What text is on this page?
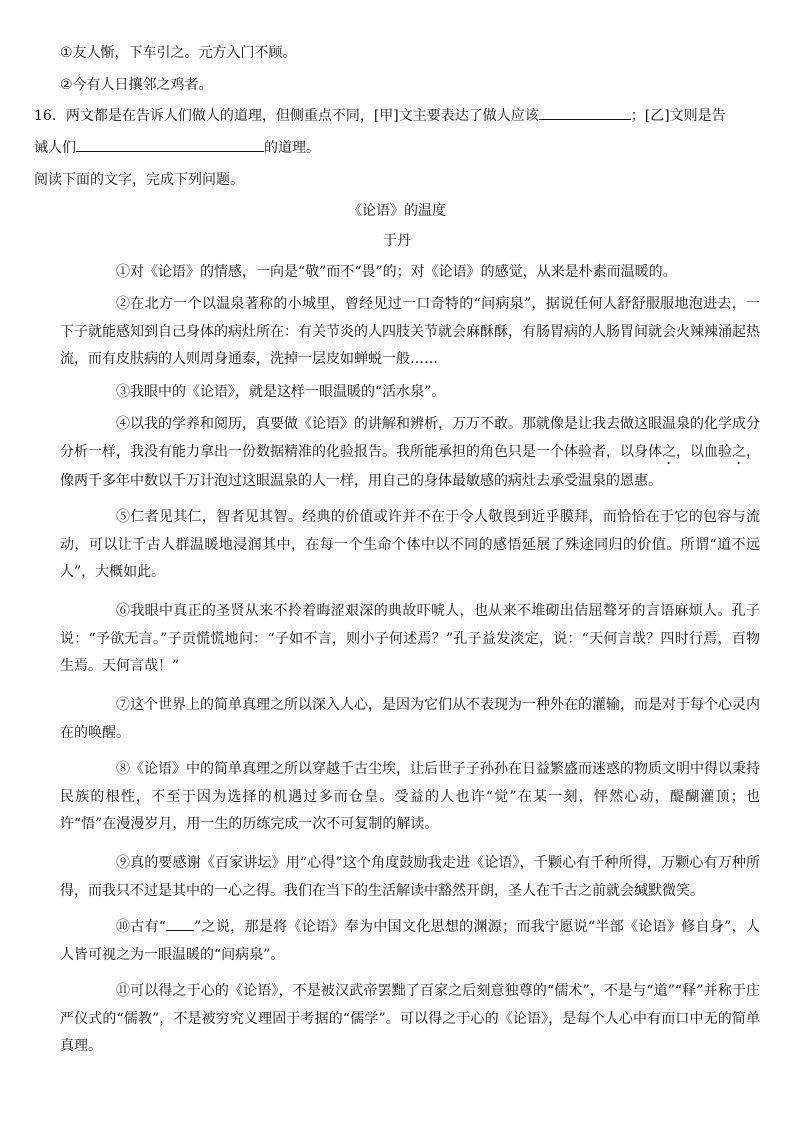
①友人惭，下车引之。元方入门不顾。
②今有人日攘邻之鸡者。
16．两文都是在告诉人们做人的道理，但侧重点不同，[甲]文主要表达了做人应该	；[乙]文则是告
诫人们	的道理。
阅读下面的文字，完成下列问题。
《论语》的温度
于丹
①对《论语》的情感，一向是“敬”而不“畏”的；对《论语》的感觉，从来是朴素而温暖的。
②在北方一个以温泉著称的小城里，曾经见过一口奇特的“问病泉”，据说任何人舒舒服服地泡进去，一下子就能感知到自己身体的病灶所在：有关节炎的人四肢关节就会麻酥酥，有肠胃病的人肠胃间就会火辣辣涌起热流，而有皮肤病的人则周身通泰，洗掉一层皮如蝉蜕一般……
③我眼中的《论语》，就是这样一眼温暖的“活水泉”。
④以我的学养和阅历，真要做《论语》的讲解和辨析，万万不敢。那就像是让我去做这眼温泉的化学成分分析一样，我没有能力拿出一份数据精准的化验报告。我所能承担的角色只是一个体验者，以身体之，以血验之，像两千多年中数以千万计泡过这眼温泉的人一样，用自己的身体最敏感的病灶去承受温泉的恩惠。
⑤仁者见其仁，智者见其智。经典的价值或许并不在于令人敬畏到近乎膜拜，而恰恰在于它的包容与流动，可以让千古人群温暖地浸润其中，在每一个生命个体中以不同的感悟延展了殊途同归的价值。所谓“道不远人”，大概如此。
⑥我眼中真正的圣贤从来不拎着晦涩艰深的典故吓唬人，也从来不堆砌出佶屈聱牙的言语麻烦人。孔子说：“予欲无言。”子贡慌慌地问：“子如不言，则小子何述焉？”孔子益发淡定，说：“天何言哉？四时行焉，百物生焉。天何言哉！”
⑦这个世界上的简单真理之所以深入人心，是因为它们从不表现为一种外在的灌输，而是对于每个心灵内在的唤醒。
⑧《论语》中的简单真理之所以穿越千古尘埃，让后世子子孙孙在日益繁盛而迷惑的物质文明中得以秉持民族的根性，不至于因为选择的机遇过多而仓皇。受益的人也许“觉”在某一刻，怦然心动，醍醐灌顶；也许“悟”在漫漫岁月，用一生的历练完成一次不可复制的解读。
⑨真的要感谢《百家讲坛》用“心得”这个角度鼓励我走进《论语》，千颗心有千种所得，万颗心有万种所得，而我只不过是其中的一心之得。我们在当下的生活解读中豁然开朗，圣人在千古之前就会缄默微笑。
⑩古有“ ”之说，那是将《论语》奉为中国文化思想的渊源；而我宁愿说“半部《论语》修自身”，人人皆可视之为一眼温暖的“问病泉”。
⑪可以得之于心的《论语》，不是被汉武帝罢黜了百家之后刻意独尊的“儒术”，不是与“道”“释”并称于庄严仪式的“儒教”，不是被穷究义理固于考据的“儒学”。可以得之于心的《论语》，是每个人心中有而口中无的简单真理。
